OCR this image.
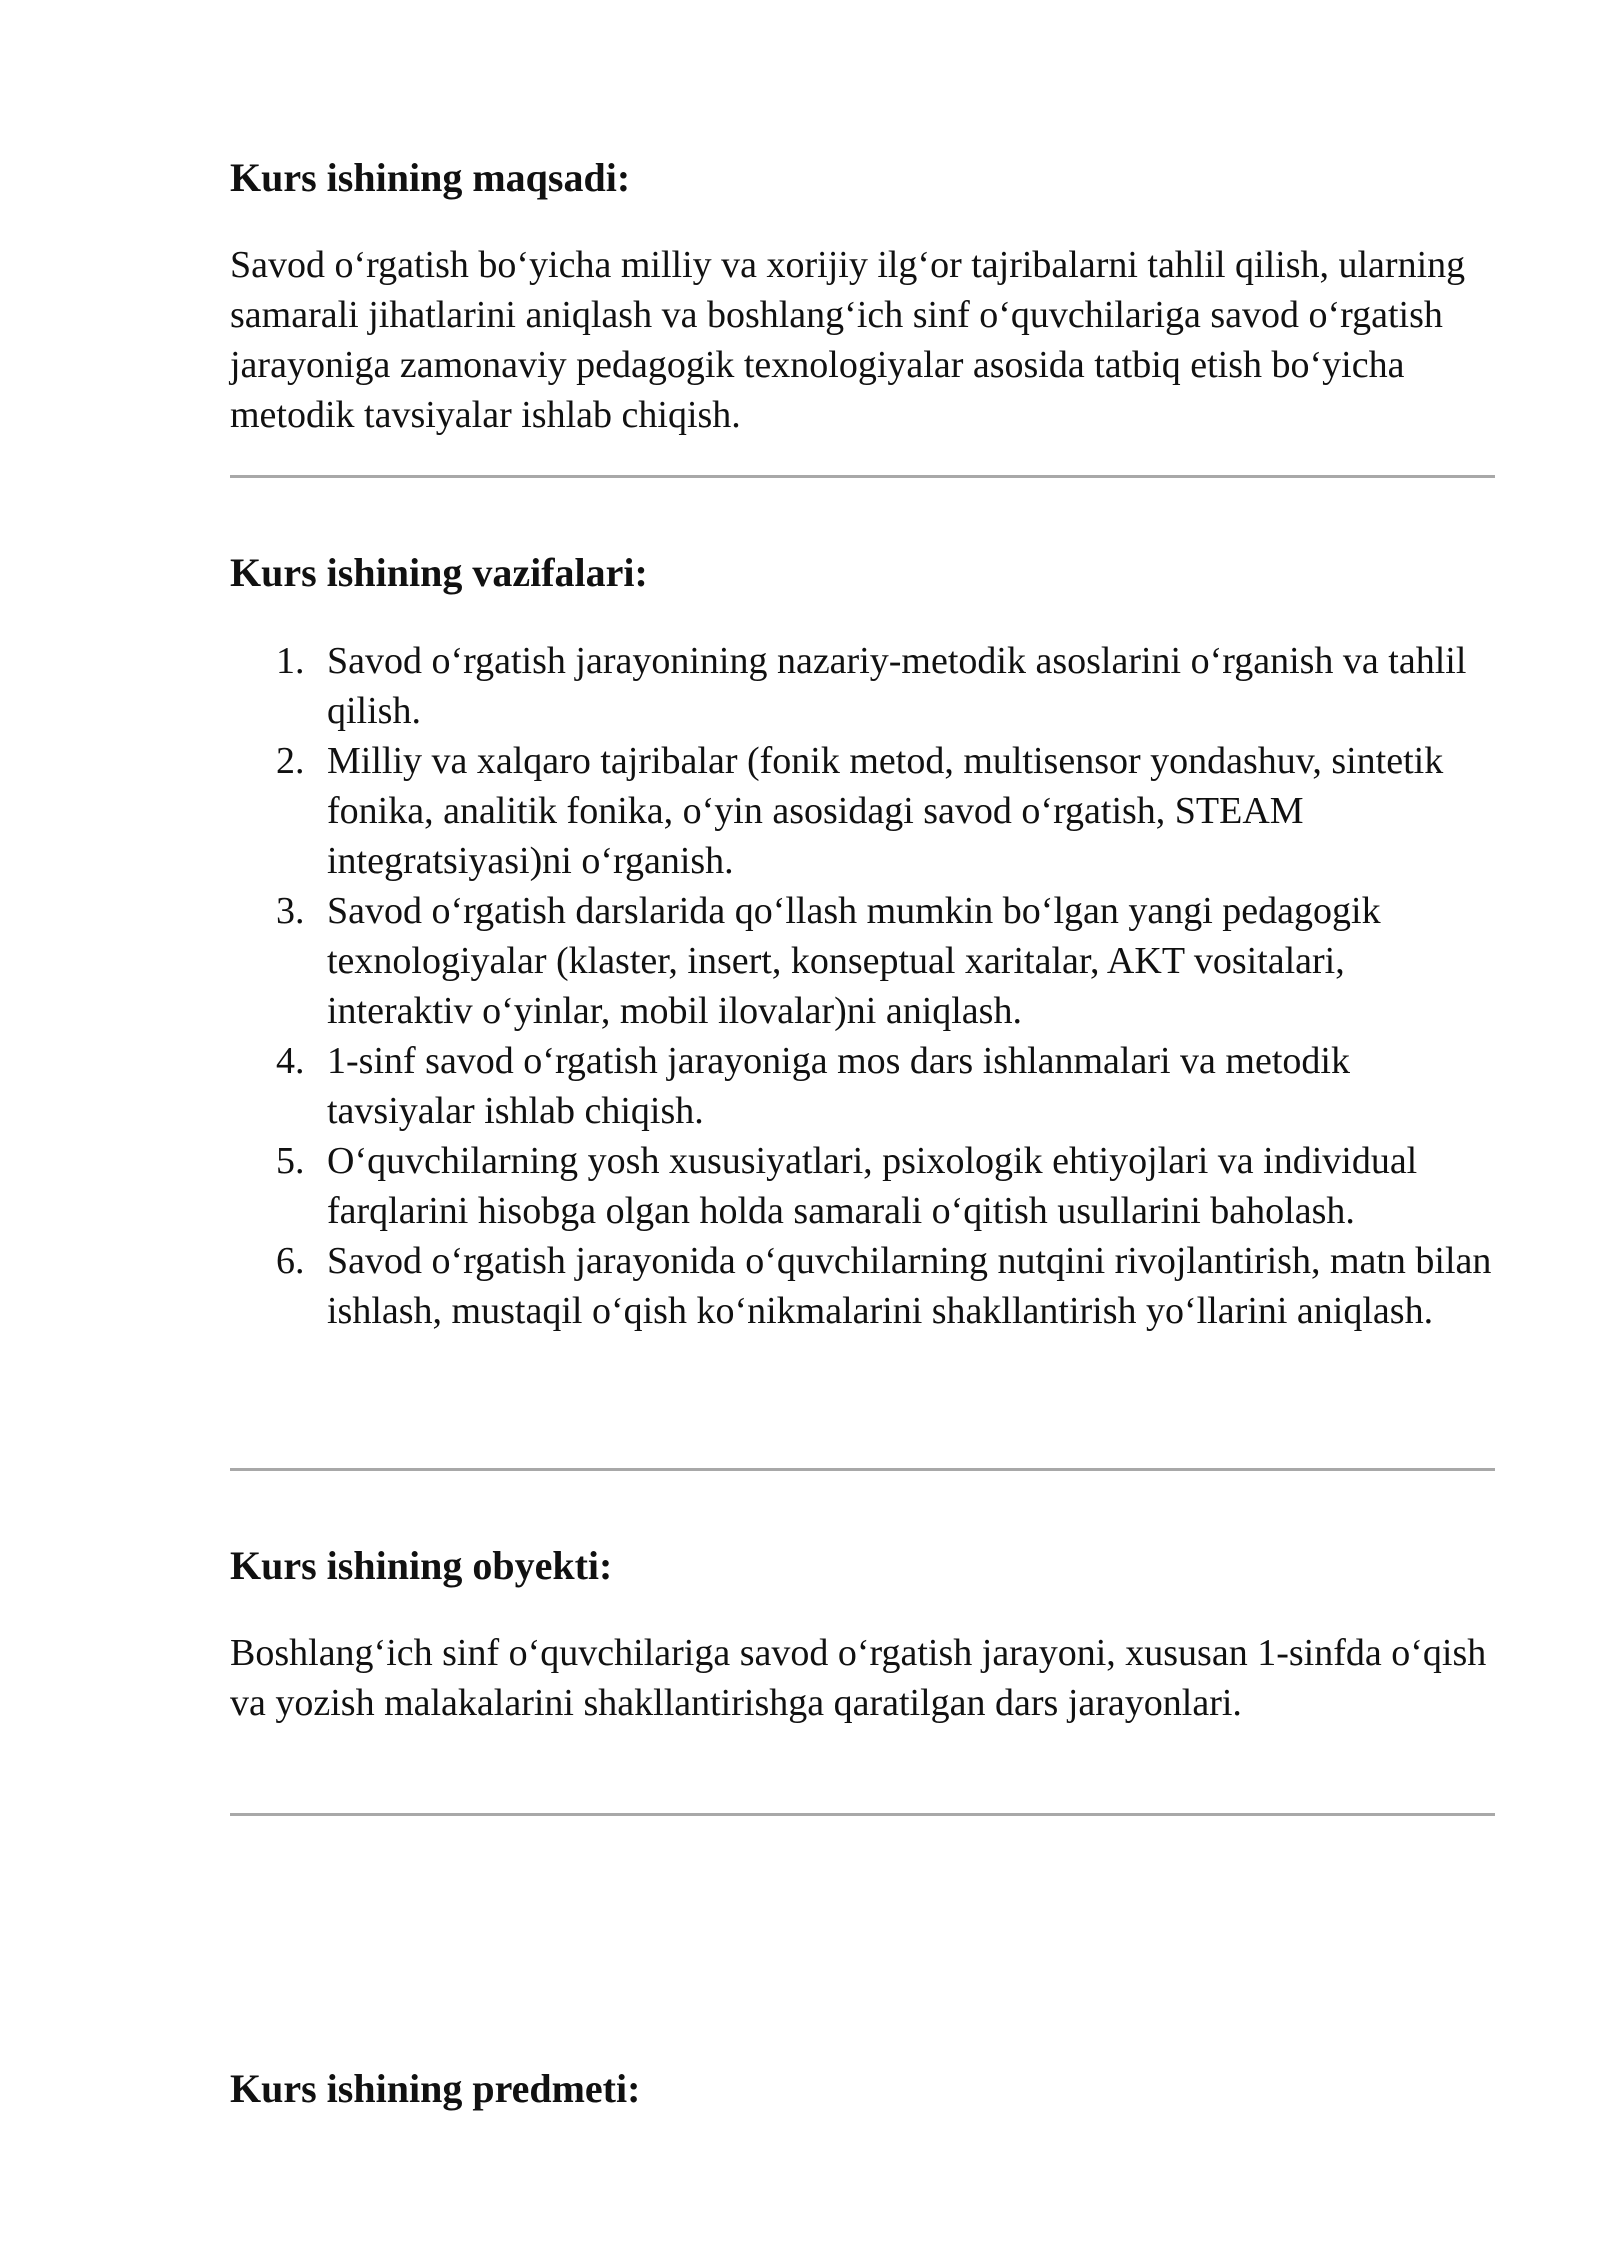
Kurs ishining maqsadi:

Savod o‘rgatish bo‘yicha milliy va xorijiy ilg‘or tajribalarni tahlil qilish, ularning samarali jihatlarini aniqlash va boshlang‘ich sinf o‘quvchilariga savod o‘rgatish jarayoniga zamonaviy pedagogik texnologiyalar asosida tatbiq etish bo‘yicha metodik tavsiyalar ishlab chiqish.

Kurs ishining vazifalari:
1. Savod o‘rgatish jarayonining nazariy-metodik asoslarini o‘rganish va tahlil qilish.
2. Milliy va xalqaro tajribalar (fonik metod, multisensor yondashuv, sintetik fonika, analitik fonika, o‘yin asosidagi savod o‘rgatish, STEAM integratsiyasi)ni o‘rganish.
3. Savod o‘rgatish darslarida qo‘llash mumkin bo‘lgan yangi pedagogik texnologiyalar (klaster, insert, konseptual xaritalar, AKT vositalari, interaktiv o‘yinlar, mobil ilovalar)ni aniqlash.
4. 1-sinf savod o‘rgatish jarayoniga mos dars ishlanmalari va metodik tavsiyalar ishlab chiqish.
5. O‘quvchilarning yosh xususiyatlari, psixologik ehtiyojlari va individual farqlarini hisobga olgan holda samarali o‘qitish usullarini baholash.
6. Savod o‘rgatish jarayonida o‘quvchilarning nutqini rivojlantirish, matn bilan ishlash, mustaqil o‘qish ko‘nikmalarini shakllantirish yo‘llarini aniqlash.
Kurs ishining obyekti:

Boshlang‘ich sinf o‘quvchilariga savod o‘rgatish jarayoni, xususan 1-sinfda o‘qish va yozish malakalarini shakllantirishga qaratilgan dars jarayonlari.

Kurs ishining predmeti:
